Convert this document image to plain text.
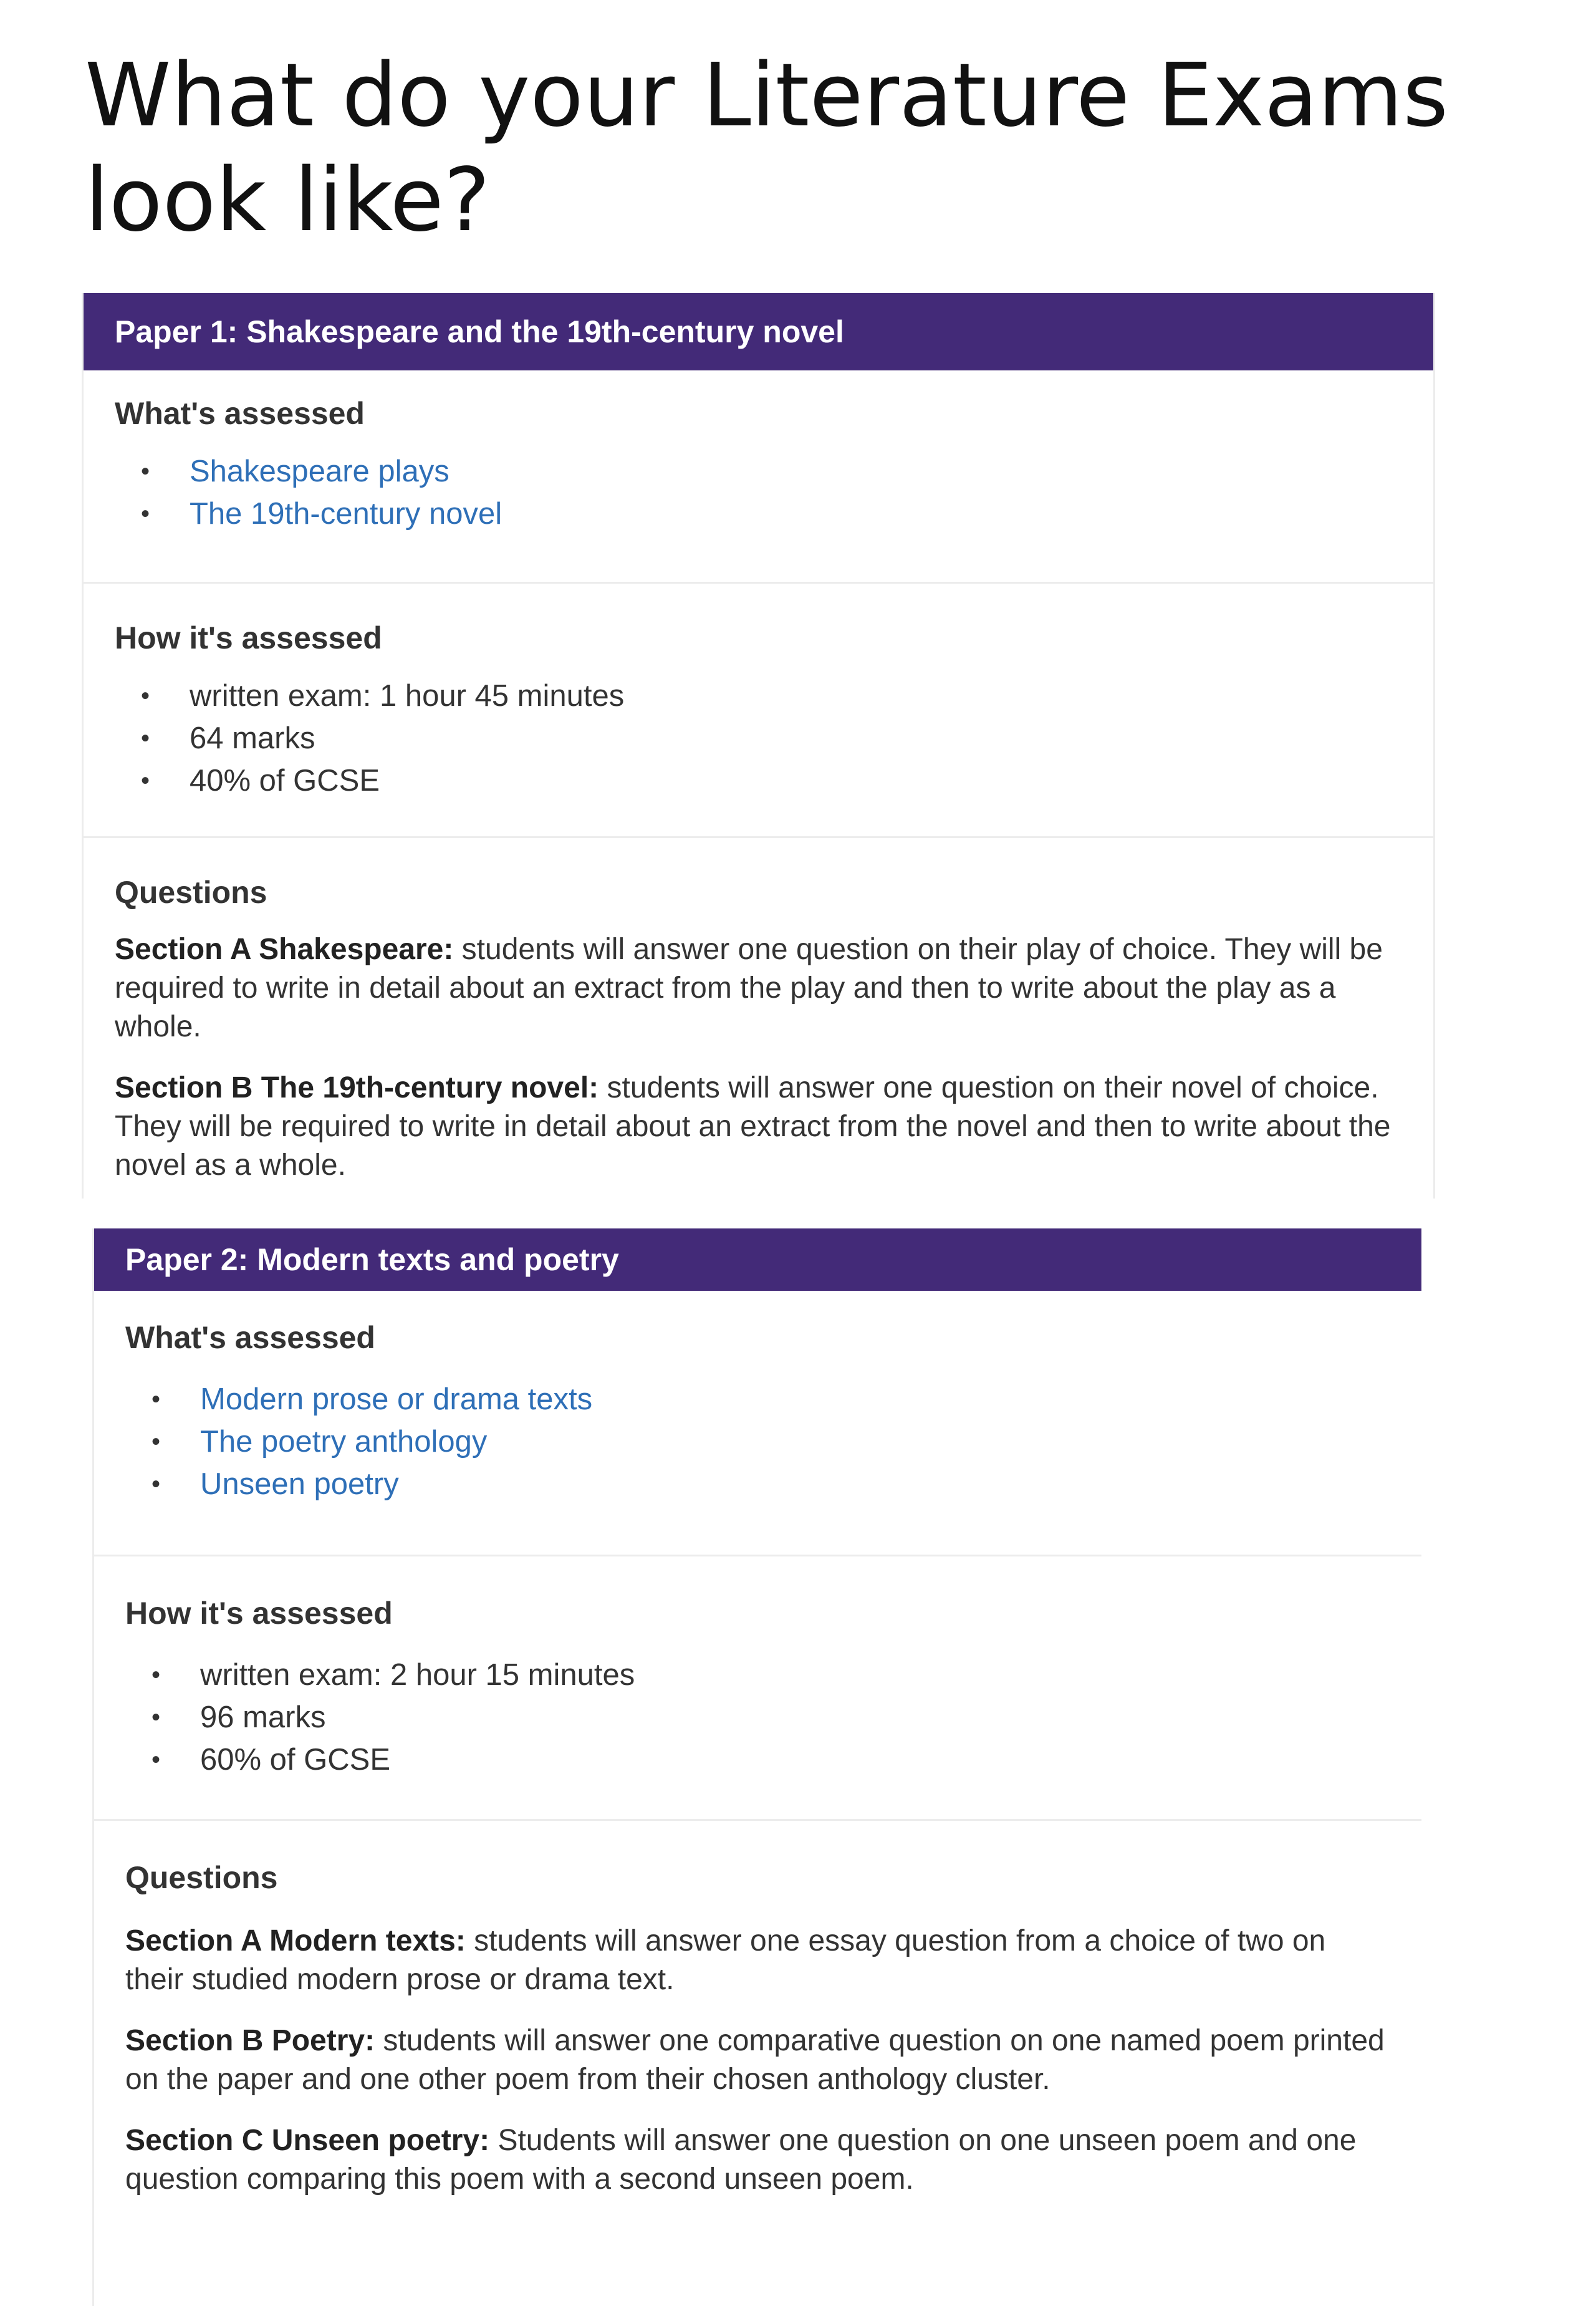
What do your Literature Exams look like?
Paper 1: Shakespeare and the 19th-century novel

What's assessed

• Shakespeare plays
• The 19th-century novel

How it's assessed

• written exam: 1 hour 45 minutes
• 64 marks
• 40% of GCSE

Questions

Section A Shakespeare: students will answer one question on their play of choice. They will be required to write in detail about an extract from the play and then to write about the play as a whole.

Section B The 19th-century novel: students will answer one question on their novel of choice. They will be required to write in detail about an extract from the novel and then to write about the novel as a whole.

Paper 2: Modern texts and poetry

What's assessed

• Modern prose or drama texts
• The poetry anthology
• Unseen poetry

How it's assessed

• written exam: 2 hour 15 minutes
• 96 marks
• 60% of GCSE

Questions

Section A Modern texts: students will answer one essay question from a choice of two on their studied modern prose or drama text.

Section B Poetry: students will answer one comparative question on one named poem printed on the paper and one other poem from their chosen anthology cluster.

Section C Unseen poetry: Students will answer one question on one unseen poem and one question comparing this poem with a second unseen poem.
